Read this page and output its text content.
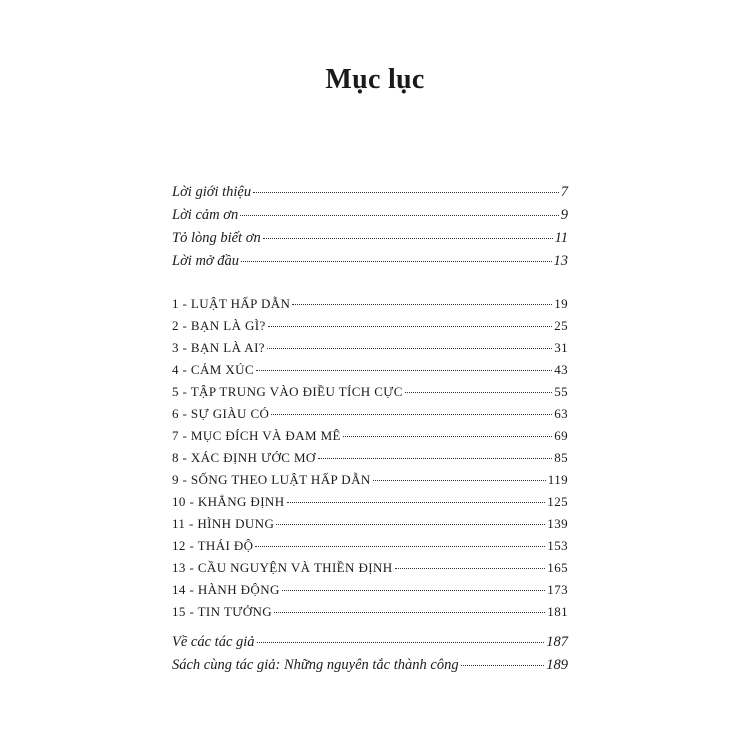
Mục lục
Lời giới thiệu	7
Lời cảm ơn	9
Tỏ lòng biết ơn	11
Lời mở đầu	13
1 - LUẬT HẤP DẪN	19
2 - BẠN LÀ GÌ?	25
3 - BẠN LÀ AI?	31
4 - CẢM XÚC	43
5 - TẬP TRUNG VÀO ĐIỀU TÍCH CỰC	55
6 - SỰ GIÀU CÓ	63
7 - MỤC ĐÍCH VÀ ĐAM MÊ	69
8 - XÁC ĐỊNH ƯỚC MƠ	85
9 - SỐNG THEO LUẬT HẤP DẪN	119
10 - KHẲNG ĐỊNH	125
11 - HÌNH DUNG	139
12 - THÁI ĐỘ	153
13 - CẦU NGUYỆN VÀ THIỀN ĐỊNH	165
14 - HÀNH ĐỘNG	173
15 - TIN TƯỞNG	181
Về các tác giả	187
Sách cùng tác giả: Những nguyên tắc thành công	189
